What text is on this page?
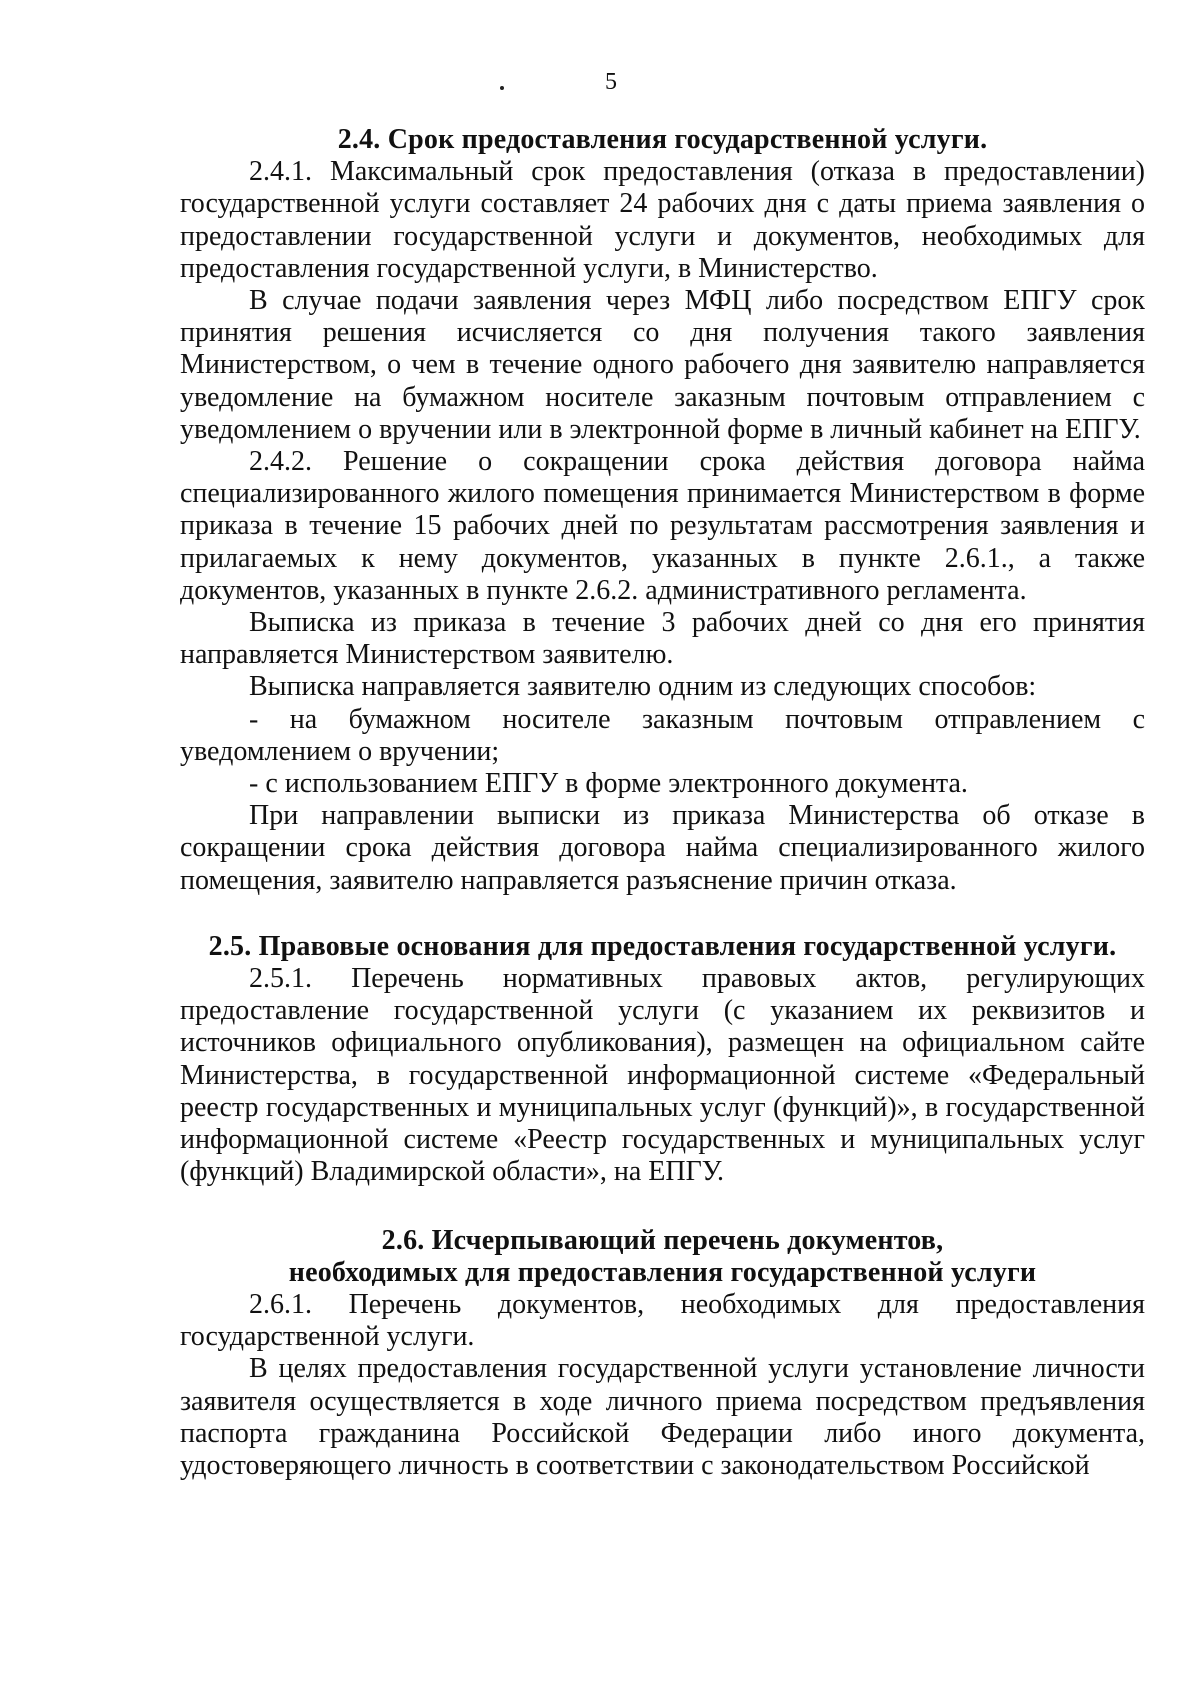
5

2.4. Срок предоставления государственной услуги.

2.4.1. Максимальный срок предоставления (отказа в предоставлении) государственной услуги составляет 24 рабочих дня с даты приема заявления о предоставлении государственной услуги и документов, необходимых для предоставления государственной услуги, в Министерство.

В случае подачи заявления через МФЦ либо посредством ЕПГУ срок принятия решения исчисляется со дня получения такого заявления Министерством, о чем в течение одного рабочего дня заявителю направляется уведомление на бумажном носителе заказным почтовым отправлением с уведомлением о вручении или в электронной форме в личный кабинет на ЕПГУ.

2.4.2. Решение о сокращении срока действия договора найма специализированного жилого помещения принимается Министерством в форме приказа в течение 15 рабочих дней по результатам рассмотрения заявления и прилагаемых к нему документов, указанных в пункте 2.6.1., а также документов, указанных в пункте 2.6.2. административного регламента.

Выписка из приказа в течение 3 рабочих дней со дня его принятия направляется Министерством заявителю.

Выписка направляется заявителю одним из следующих способов:

- на бумажном носителе заказным почтовым отправлением с уведомлением о вручении;

- с использованием ЕПГУ в форме электронного документа.

При направлении выписки из приказа Министерства об отказе в сокращении срока действия договора найма специализированного жилого помещения, заявителю направляется разъяснение причин отказа.

2.5. Правовые основания для предоставления государственной услуги.

2.5.1. Перечень нормативных правовых актов, регулирующих предоставление государственной услуги (с указанием их реквизитов и источников официального опубликования), размещен на официальном сайте Министерства, в государственной информационной системе «Федеральный реестр государственных и муниципальных услуг (функций)», в государственной информационной системе «Реестр государственных и муниципальных услуг (функций) Владимирской области», на ЕПГУ.

2.6. Исчерпывающий перечень документов,

необходимых для предоставления государственной услуги

2.6.1. Перечень документов, необходимых для предоставления государственной услуги.

В целях предоставления государственной услуги установление личности заявителя осуществляется в ходе личного приема посредством предъявления паспорта гражданина Российской Федерации либо иного документа, удостоверяющего личность в соответствии с законодательством Российской
